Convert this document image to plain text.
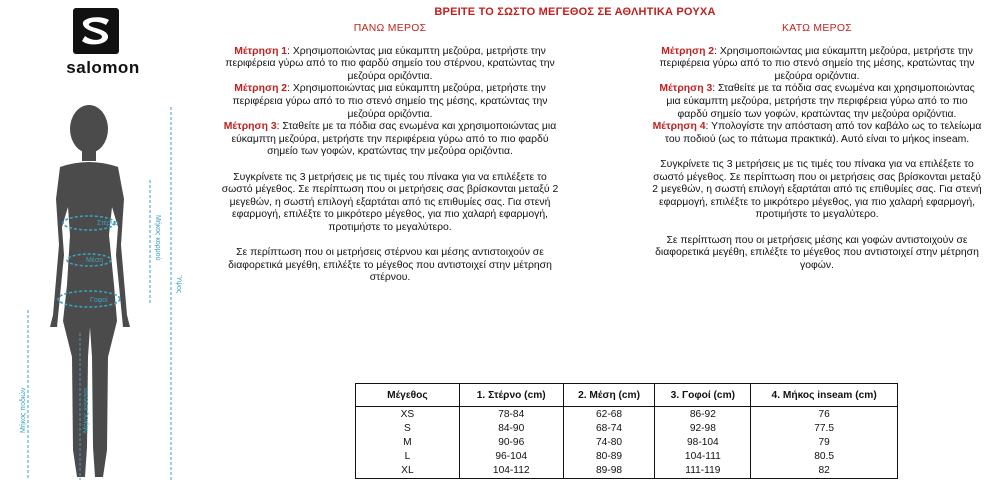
salomon
Στέρνο
Μέση
Γοφοί
Μήκος κορμού
Ύψος
Μήκος ποδιών	Μήκος inseam
ΒΡΕΙΤΕ ΤΟ ΣΩΣΤΟ ΜΕΓΕΘΟΣ ΣΕ ΑΘΛΗΤΙΚΑ ΡΟΥΧΑ
ΠΑΝΩ ΜΕΡΟΣ

Μέτρηση 1: Χρησιμοποιώντας μια εύκαμπτη μεζούρα, μετρήστε την περιφέρεια γύρω από το πιο φαρδύ σημείο του στέρνου, κρατώντας την μεζούρα οριζόντια.

Μέτρηση 2: Χρησιμοποιώντας μια εύκαμπτη μεζούρα, μετρήστε την περιφέρεια γύρω από το πιο στενό σημείο της μέσης, κρατώντας την μεζούρα οριζόντια.

Μέτρηση 3: Σταθείτε με τα πόδια σας ενωμένα και χρησιμοποιώντας μια εύκαμπτη μεζούρα, μετρήστε την περιφέρεια γύρω από το πιο φαρδύ σημείο των γοφών, κρατώντας την μεζούρα οριζόντια.

Συγκρίνετε τις 3 μετρήσεις με τις τιμές του πίνακα για να επιλέξετε το σωστό μέγεθος. Σε περίπτωση που οι μετρήσεις σας βρίσκονται μεταξύ 2 μεγεθών, η σωστή επιλογή εξαρτάται από τις επιθυμίες σας. Για στενή εφαρμογή, επιλέξτε το μικρότερο μέγεθος, για πιο χαλαρή εφαρμογή, προτιμήστε το μεγαλύτερο.

Σε περίπτωση που οι μετρήσεις στέρνου και μέσης αντιστοιχούν σε διαφορετικά μεγέθη, επιλέξτε το μέγεθος που αντιστοιχεί στην μέτρηση στέρνου.

ΚΑΤΩ ΜΕΡΟΣ

Μέτρηση 2: Χρησιμοποιώντας μια εύκαμπτη μεζούρα, μετρήστε την περιφέρεια γύρω από το πιο στενό σημείο της μέσης, κρατώντας την μεζούρα οριζόντια.

Μέτρηση 3: Σταθείτε με τα πόδια σας ενωμένα και χρησιμοποιώντας μια εύκαμπτη μεζούρα, μετρήστε την περιφέρεια γύρω από το πιο φαρδύ σημείο των γοφών, κρατώντας την μεζούρα οριζόντια.

Μέτρηση 4: Υπολογίστε την απόσταση από τον καβάλο ως το τελείωμα του ποδιού (ως το πάτωμα πρακτικά). Αυτό είναι το μήκος inseam.

Συγκρίνετε τις 3 μετρήσεις με τις τιμές του πίνακα για να επιλέξετε το σωστό μέγεθος. Σε περίπτωση που οι μετρήσεις σας βρίσκονται μεταξύ 2 μεγεθών, η σωστή επιλογή εξαρτάται από τις επιθυμίες σας. Για στενή εφαρμογή, επιλέξτε το μικρότερο μέγεθος, για πιο χαλαρή εφαρμογή, προτιμήστε το μεγαλύτερο.

Σε περίπτωση που οι μετρήσεις μέσης και γοφών αντιστοιχούν σε διαφορετικά μεγέθη, επιλέξτε το μέγεθος που αντιστοιχεί στην μέτρηση γοφών.

Μέγεθος	1. Στέρνο (cm)	2. Μέση (cm)	3. Γοφοί (cm)	4. Μήκος inseam (cm)
XS	78-84	62-68	86-92	76
S	84-90	68-74	92-98	77.5
M	90-96	74-80	98-104	79
L	96-104	80-89	104-111	80.5
XL	104-112	89-98	111-119	82
